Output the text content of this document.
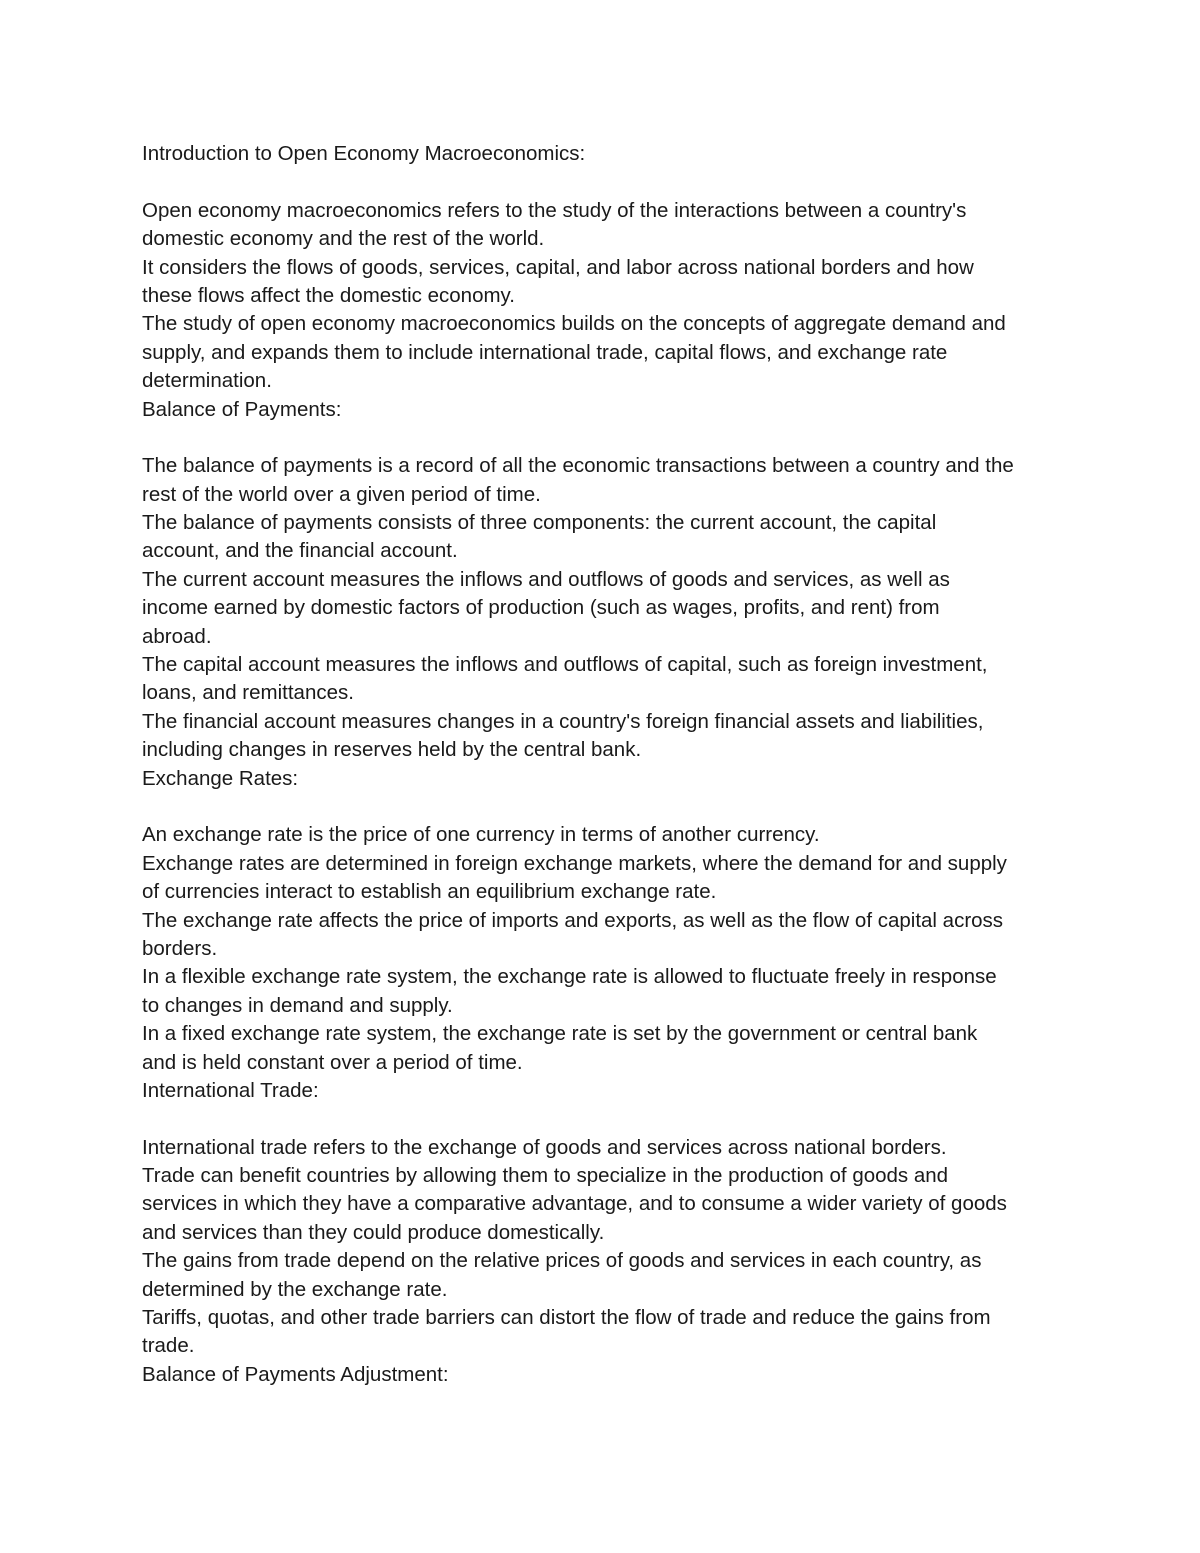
Introduction to Open Economy Macroeconomics:
Open economy macroeconomics refers to the study of the interactions between a country's
domestic economy and the rest of the world.
It considers the flows of goods, services, capital, and labor across national borders and how
these flows affect the domestic economy.
The study of open economy macroeconomics builds on the concepts of aggregate demand and
supply, and expands them to include international trade, capital flows, and exchange rate
determination.
Balance of Payments:
The balance of payments is a record of all the economic transactions between a country and the
rest of the world over a given period of time.
The balance of payments consists of three components: the current account, the capital
account, and the financial account.
The current account measures the inflows and outflows of goods and services, as well as
income earned by domestic factors of production (such as wages, profits, and rent) from
abroad.
The capital account measures the inflows and outflows of capital, such as foreign investment,
loans, and remittances.
The financial account measures changes in a country's foreign financial assets and liabilities,
including changes in reserves held by the central bank.
Exchange Rates:
An exchange rate is the price of one currency in terms of another currency.
Exchange rates are determined in foreign exchange markets, where the demand for and supply
of currencies interact to establish an equilibrium exchange rate.
The exchange rate affects the price of imports and exports, as well as the flow of capital across
borders.
In a flexible exchange rate system, the exchange rate is allowed to fluctuate freely in response
to changes in demand and supply.
In a fixed exchange rate system, the exchange rate is set by the government or central bank
and is held constant over a period of time.
International Trade:
International trade refers to the exchange of goods and services across national borders.
Trade can benefit countries by allowing them to specialize in the production of goods and
services in which they have a comparative advantage, and to consume a wider variety of goods
and services than they could produce domestically.
The gains from trade depend on the relative prices of goods and services in each country, as
determined by the exchange rate.
Tariffs, quotas, and other trade barriers can distort the flow of trade and reduce the gains from
trade.
Balance of Payments Adjustment:
